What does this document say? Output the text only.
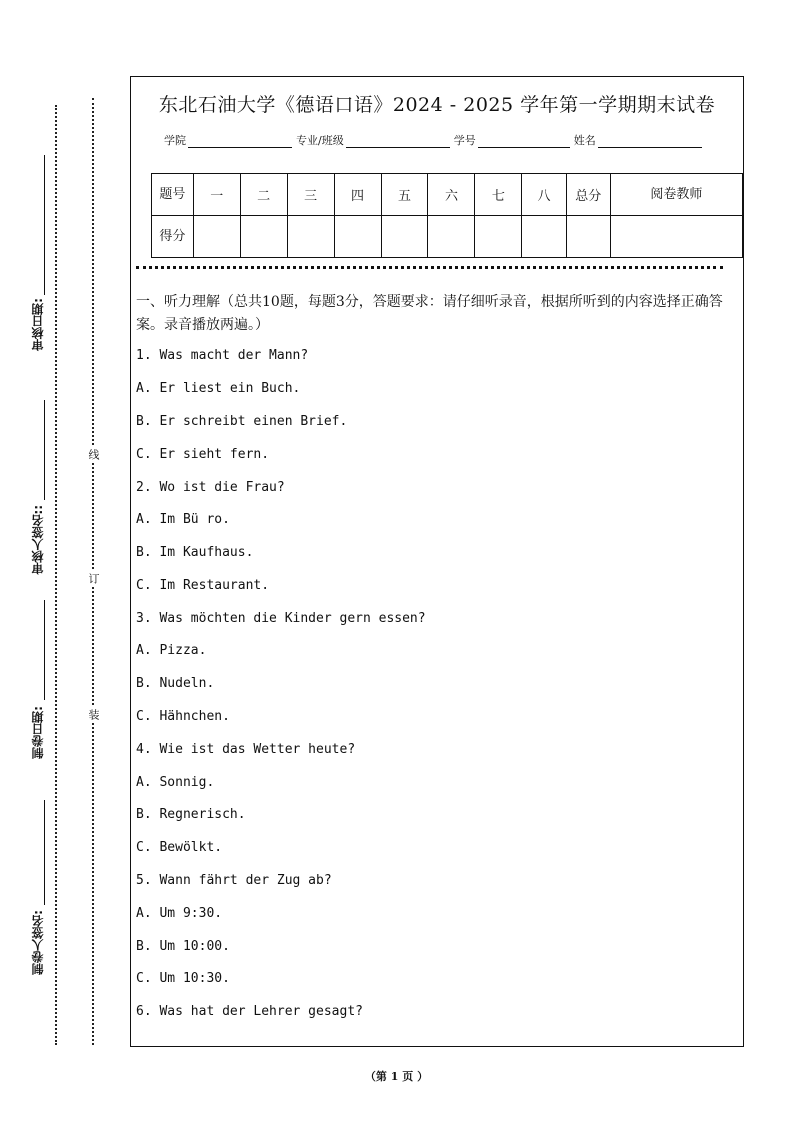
审核日期:
审核人签名::
制卷日期:
制卷人签名:
线
订
装
东北石油大学《德语口语》2024 - 2025 学年第一学期期末试卷
学院	专业/班级	学号	姓名
题号	一	二	三	四	五	六	七	八	总分	阅卷教师
得分										
一、听力理解（总共10题，每题3分，答题要求：请仔细听录音，根据所听到的内容选择正确答案。录音播放两遍。）
1. Was macht der Mann?
A. Er liest ein Buch.
B. Er schreibt einen Brief.
C. Er sieht fern.
2. Wo ist die Frau?
A. Im Bü ro.
B. Im Kaufhaus.
C. Im Restaurant.
3. Was möchten die Kinder gern essen?
A. Pizza.
B. Nudeln.
C. Hähnchen.
4. Wie ist das Wetter heute?
A. Sonnig.
B. Regnerisch.
C. Bewölkt.
5. Wann fährt der Zug ab?
A. Um 9:30.
B. Um 10:00.
C. Um 10:30.
6. Was hat der Lehrer gesagt?
（第 1 页 ）
